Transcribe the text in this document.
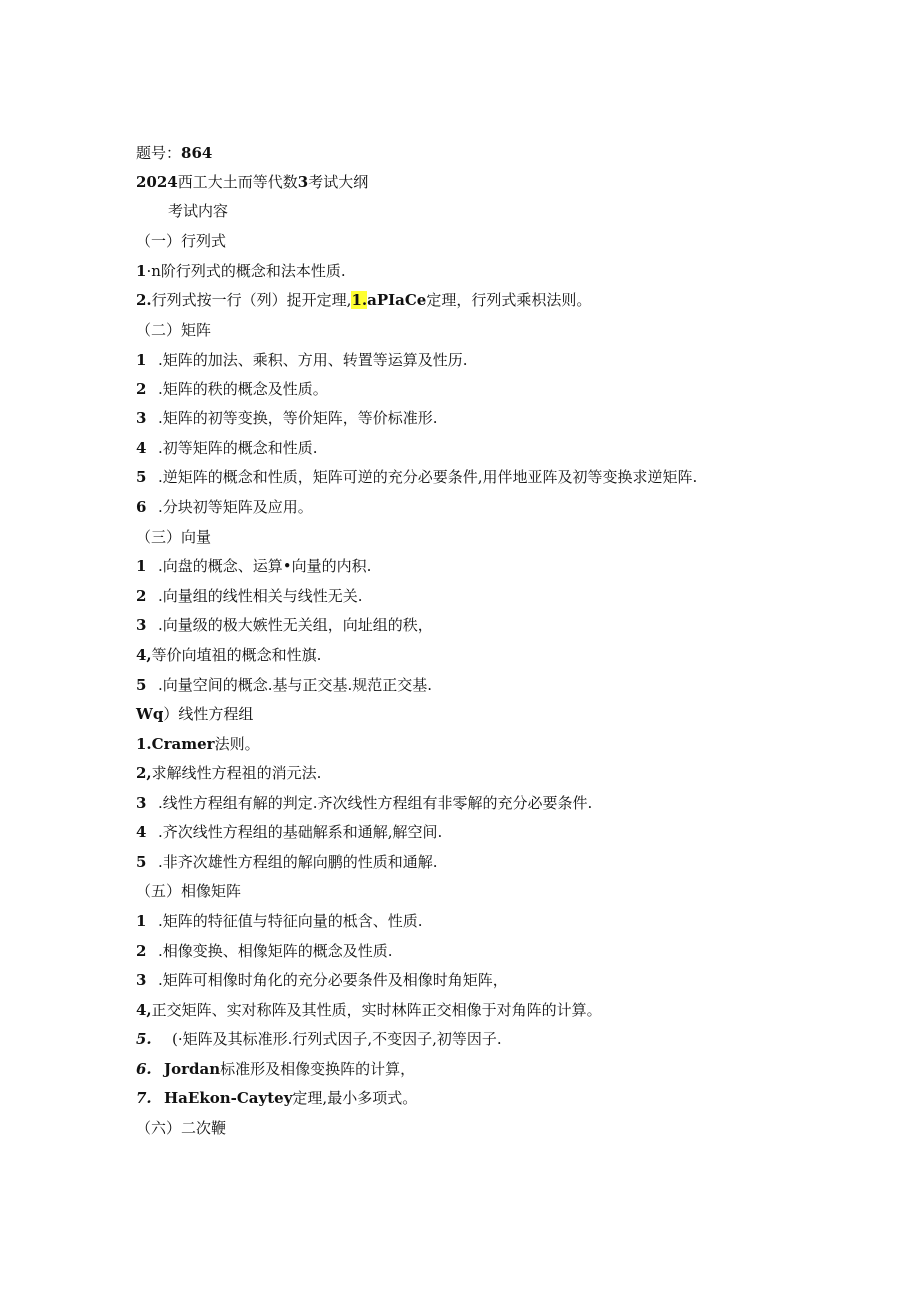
题号：864
2024西工大土而等代数3考试大纲
考试内容
（一）行列式
1·n阶行列式的概念和法本性质.
2.行列式按一行（列）捉开定理,1.aPIaCe定理，行列式乘枳法则。
（二）矩阵
1 .矩阵的加法、乘积、方用、转置等运算及性历.
2 .矩阵的秩的概念及性质。
3 .矩阵的初等变换，等价矩阵，等价标准形.
4 .初等矩阵的概念和性质.
5 .逆矩阵的概念和性质，矩阵可逆的充分必要条件,用伴地亚阵及初等变换求逆矩阵.
6 .分块初等矩阵及应用。
（三）向量
1 .向盘的概念、运算•向量的内积.
2 .向量组的线性相关与线性无关.
3 .向量级的极大嫉性无关组，向址组的秩，
4,等价向埴祖的概念和性旗.
5 .向量空间的概念.基与正交基.规范正交基.
Wq）线性方程组
1.Cramer法则。
2,求解线性方程祖的消元法.
3 .线性方程组有解的判定.齐次线性方程组有非零解的充分必要条件.
4 .齐次线性方程组的基础解系和通解,解空间.
5 .非齐次雄性方程组的解向鹏的性质和通解.
（五）相像矩阵
1 .矩阵的特征值与特征向量的柢含、性质.
2 .相像变换、相像矩阵的概念及性质.
3 .矩阵可相像时角化的充分必要条件及相像时角矩阵，
4,正交矩阵、实对称阵及其性质，实时林阵正交相像于对角阵的计算。
5. (·矩阵及其标准形.行列式因子,不变因子,初等因子.
6. Jordan标准形及相像变换阵的计算，
7. HaEkon-Caytey定理,最小多项式。
（六）二次鞭
